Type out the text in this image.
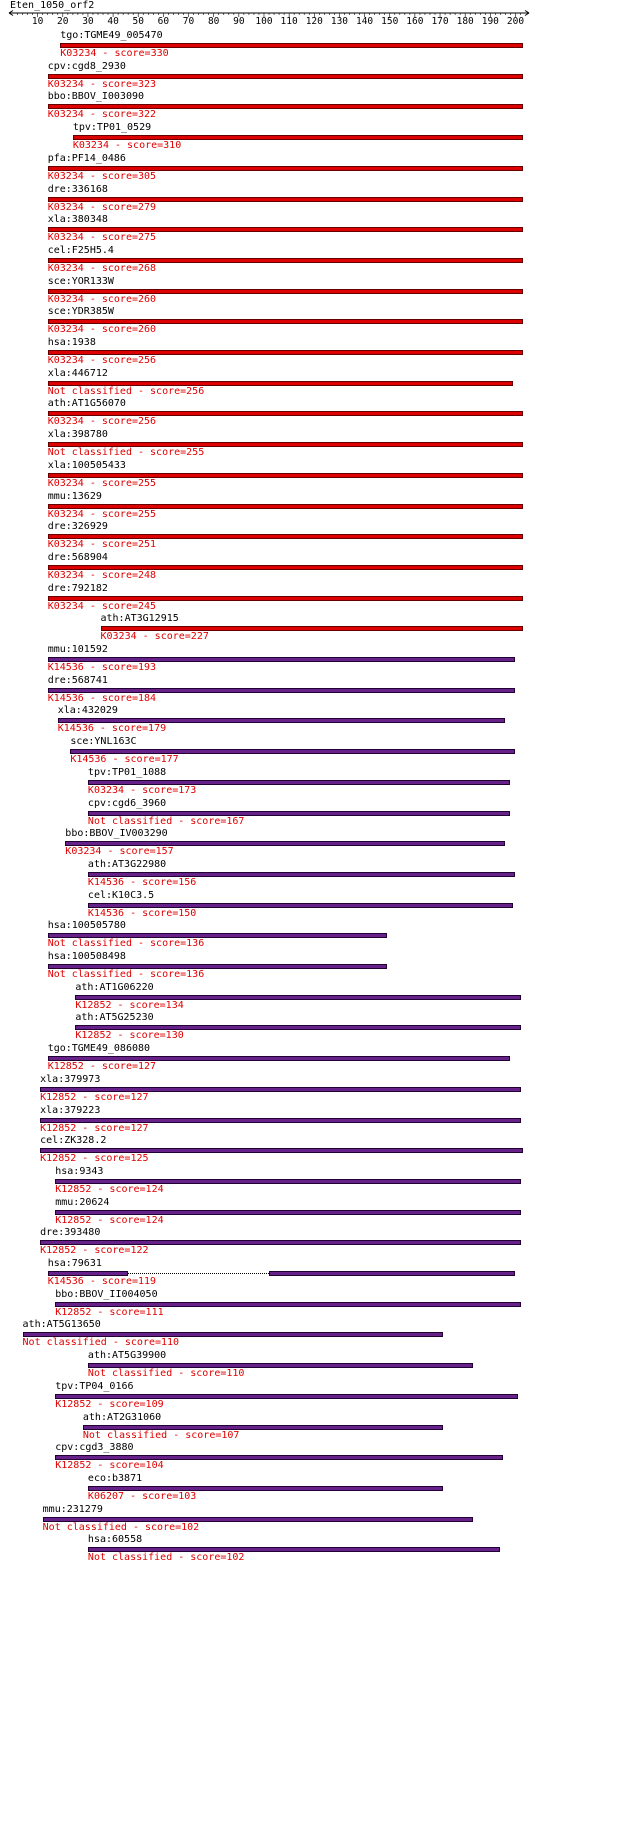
Eten_1050_orf2
10 20 30 40 50 60 70 80 90 100 110 120 130 140 150 160 170 180 190 200
tgo:TGME49_005470
K03234 - score=330
cpv:cgd8_2930
K03234 - score=323
bbo:BBOV_I003090
K03234 - score=322
tpv:TP01_0529
K03234 - score=310
pfa:PF14_0486
K03234 - score=305
dre:336168
K03234 - score=279
xla:380348
K03234 - score=275
cel:F25H5.4
K03234 - score=268
sce:YOR133W
K03234 - score=260
sce:YDR385W
K03234 - score=260
hsa:1938
K03234 - score=256
xla:446712
Not classified - score=256
ath:AT1G56070
K03234 - score=256
xla:398780
Not classified - score=255
xla:100505433
K03234 - score=255
mmu:13629
K03234 - score=255
dre:326929
K03234 - score=251
dre:568904
K03234 - score=248
dre:792182
K03234 - score=245
ath:AT3G12915
K03234 - score=227
mmu:101592
K14536 - score=193
dre:568741
K14536 - score=184
xla:432029
K14536 - score=179
sce:YNL163C
K14536 - score=177
tpv:TP01_1088
K03234 - score=173
cpv:cgd6_3960
Not classified - score=167
bbo:BBOV_IV003290
K03234 - score=157
ath:AT3G22980
K14536 - score=156
cel:K10C3.5
K14536 - score=150
hsa:100505780
Not classified - score=136
hsa:100508498
Not classified - score=136
ath:AT1G06220
K12852 - score=134
ath:AT5G25230
K12852 - score=130
tgo:TGME49_086080
K12852 - score=127
xla:379973
K12852 - score=127
xla:379223
K12852 - score=127
cel:ZK328.2
K12852 - score=125
hsa:9343
K12852 - score=124
mmu:20624
K12852 - score=124
dre:393480
K12852 - score=122
hsa:79631
K14536 - score=119
bbo:BBOV_II004050
K12852 - score=111
ath:AT5G13650
Not classified - score=110
ath:AT5G39900
Not classified - score=110
tpv:TP04_0166
K12852 - score=109
ath:AT2G31060
Not classified - score=107
cpv:cgd3_3880
K12852 - score=104
eco:b3871
K06207 - score=103
mmu:231279
Not classified - score=102
hsa:60558
Not classified - score=102
